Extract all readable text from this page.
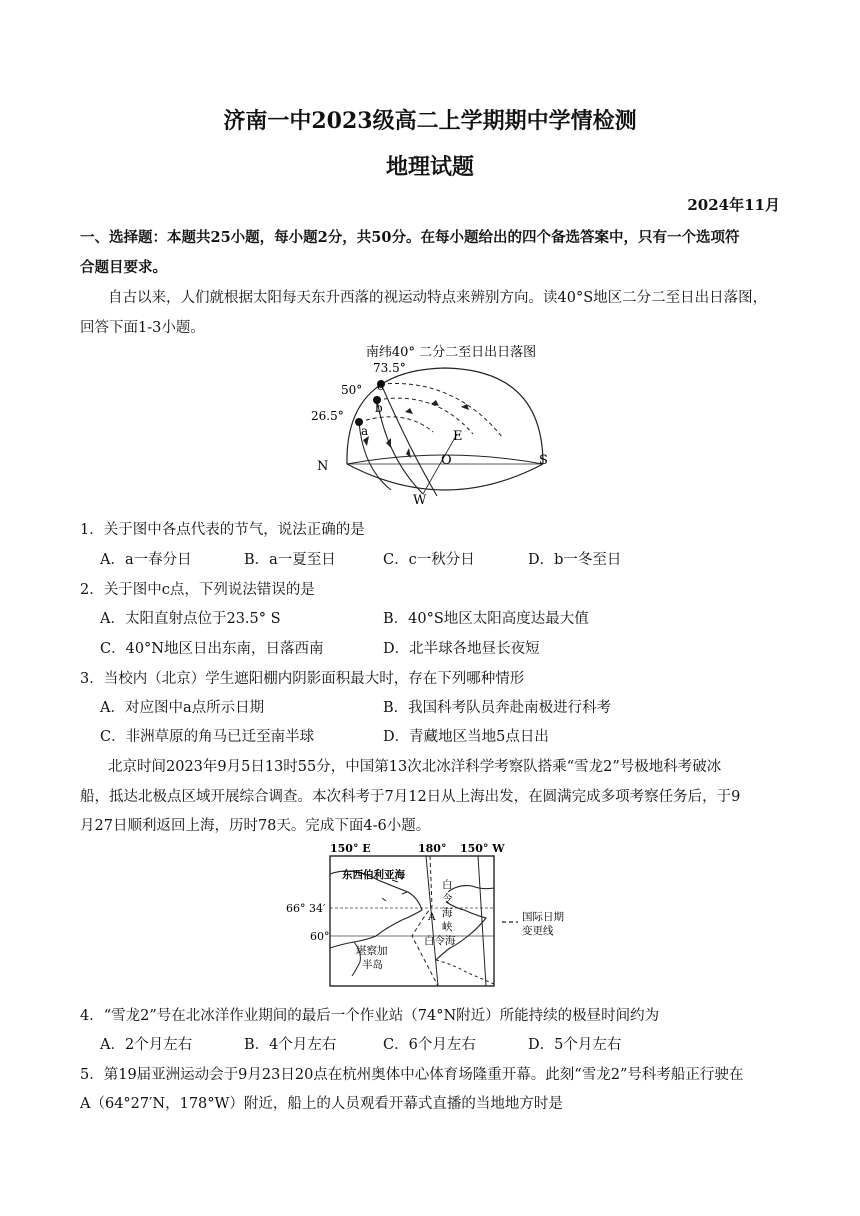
济南一中2023级高二上学期期中学情检测
地理试题
2024年11月
一、选择题：本题共25小题，每小题2分，共50分。在每小题给出的四个备选答案中，只有一个选项符
合题目要求。
自古以来，人们就根据太阳每天东升西落的视运动特点来辨别方向。读40°S地区二分二至日出日落图，
回答下面1-3小题。
南纬40° 二分二至日出日落图
73.5°
50°
26.5°
a
b
c
N	S
E
O
W
1．关于图中各点代表的节气，说法正确的是
A．a一春分日	B．a一夏至日	C．c一秋分日	D．b一冬至日
2．关于图中c点，下列说法错误的是
A．太阳直射点位于23.5° S	B．40°S地区太阳高度达最大值
C．40°N地区日出东南，日落西南	D．北半球各地昼长夜短
3．当校内（北京）学生遮阳棚内阴影面积最大时，存在下列哪种情形
A．对应图中a点所示日期	B．我国科考队员奔赴南极进行科考
C．非洲草原的角马已迁至南半球	D．青藏地区当地5点日出
北京时间2023年9月5日13时55分，中国第13次北冰洋科学考察队搭乘“雪龙2”号极地科考破冰
船，抵达北极点区域开展综合调查。本次科考于7月12日从上海出发，在圆满完成多项考察任务后，于9
月27日顺利返回上海，历时78天。完成下面4-6小题。
150° E	180° 150° W
66° 34′
60°
东西伯利亚海
白
令
海
峡
A
白令海
堪察加
半岛
国际日期
变更线
4．“雪龙2”号在北冰洋作业期间的最后一个作业站（74°N附近）所能持续的极昼时间约为
A．2个月左右	B．4个月左右	C．6个月左右	D．5个月左右
5．第19届亚洲运动会于9月23日20点在杭州奥体中心体育场隆重开幕。此刻“雪龙2”号科考船正行驶在
A（64°27′N，178°W）附近，船上的人员观看开幕式直播的当地地方时是
